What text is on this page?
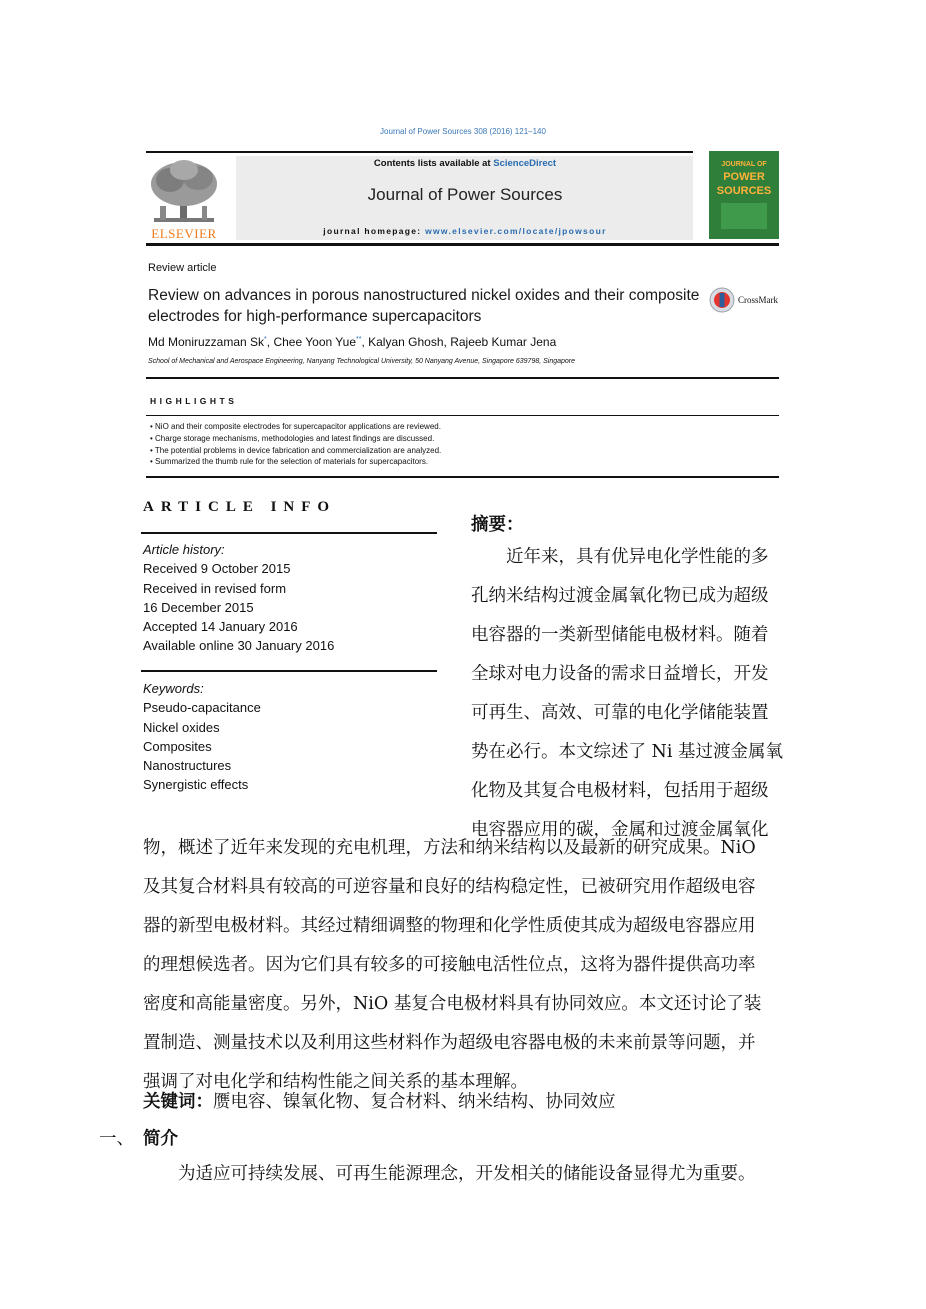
Journal of Power Sources 308 (2016) 121–140
ELSEVIER
Contents lists available at ScienceDirect
Journal of Power Sources
journal homepage: www.elsevier.com/locate/jpowsour
JOURNAL OF
POWER
SOURCES
Review article
Review on advances in porous nanostructured nickel oxides and their composite electrodes for high-performance supercapacitors
CrossMark
Md Moniruzzaman Sk*, Chee Yoon Yue**, Kalyan Ghosh, Rajeeb Kumar Jena
School of Mechanical and Aerospace Engineering, Nanyang Technological University, 50 Nanyang Avenue, Singapore 639798, Singapore
HIGHLIGHTS
• NiO and their composite electrodes for supercapacitor applications are reviewed.
• Charge storage mechanisms, methodologies and latest findings are discussed.
• The potential problems in device fabrication and commercialization are analyzed.
• Summarized the thumb rule for the selection of materials for supercapacitors.
ARTICLE INFO
Article history:
Received 9 October 2015
Received in revised form
16 December 2015
Accepted 14 January 2016
Available online 30 January 2016
Keywords:
Pseudo-capacitance
Nickel oxides
Composites
Nanostructures
Synergistic effects
摘要：
　　近年来，具有优异电化学性能的多
孔纳米结构过渡金属氧化物已成为超级
电容器的一类新型储能电极材料。随着
全球对电力设备的需求日益增长，开发
可再生、高效、可靠的电化学储能装置
势在必行。本文综述了 Ni 基过渡金属氧
化物及其复合电极材料，包括用于超级
电容器应用的碳，金属和过渡金属氧化
物，概述了近年来发现的充电机理，方法和纳米结构以及最新的研究成果。NiO
及其复合材料具有较高的可逆容量和良好的结构稳定性，已被研究用作超级电容
器的新型电极材料。其经过精细调整的物理和化学性质使其成为超级电容器应用
的理想候选者。因为它们具有较多的可接触电活性位点，这将为器件提供高功率
密度和高能量密度。另外，NiO 基复合电极材料具有协同效应。本文还讨论了装
置制造、测量技术以及利用这些材料作为超级电容器电极的未来前景等问题，并
强调了对电化学和结构性能之间关系的基本理解。
关键词：赝电容、镍氧化物、复合材料、纳米结构、协同效应
一、 简介
为适应可持续发展、可再生能源理念，开发相关的储能设备显得尤为重要。
